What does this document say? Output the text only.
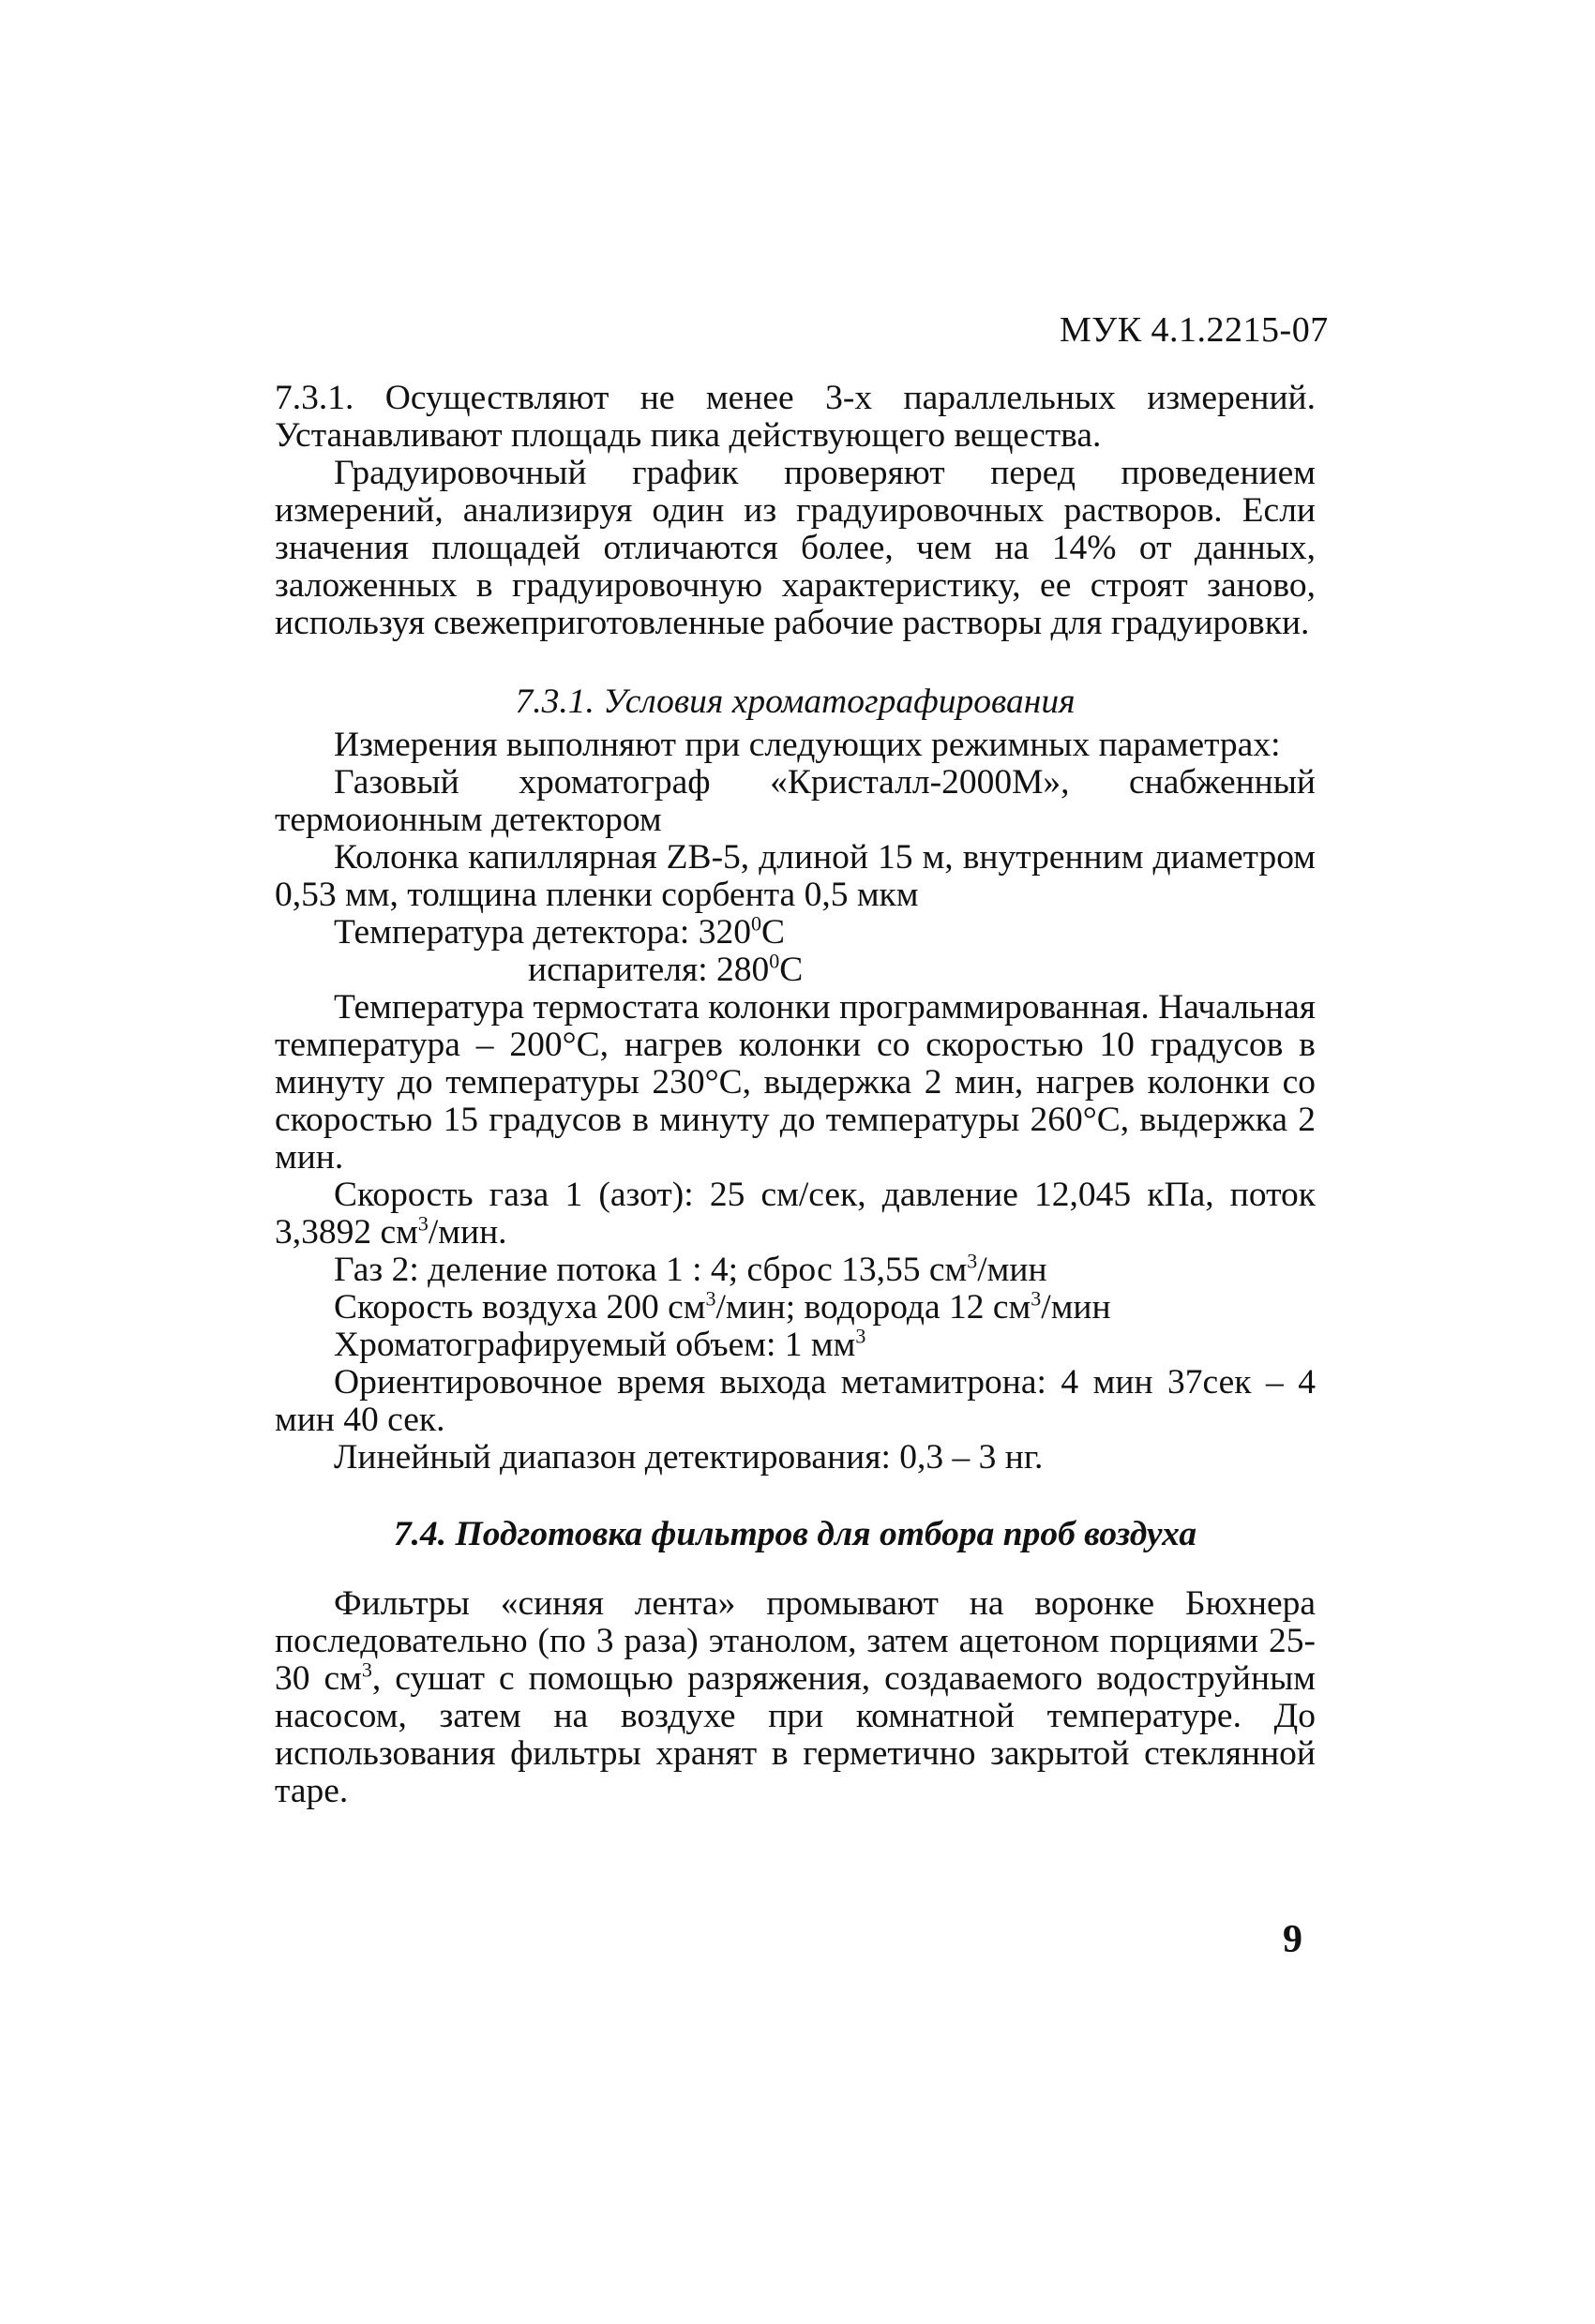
МУК 4.1.2215-07

7.3.1. Осуществляют не менее 3-х параллельных измерений. Устанавливают площадь пика действующего вещества.

Градуировочный график проверяют перед проведением измерений, анализируя один из градуировочных растворов. Если значения площадей отличаются более, чем на 14% от данных, заложенных в градуировочную характеристику, ее строят заново, используя свежеприготовленные рабочие растворы для градуировки.

7.3.1. Условия хроматографирования

Измерения выполняют при следующих режимных параметрах:

Газовый хроматограф «Кристалл-2000М», снабженный термоионным детектором

Колонка капиллярная ZB-5, длиной 15 м, внутренним диаметром 0,53 мм, толщина пленки сорбента 0,5 мкм

Температура детектора: $320^0С$

испарителя: $280^0С$

Температура термостата колонки программированная. Начальная температура – 200°С, нагрев колонки со скоростью 10 градусов в минуту до температуры 230°С, выдержка 2 мин, нагрев колонки со скоростью 15 градусов в минуту до температуры 260°С, выдержка 2 мин.

Скорость газа 1 (азот): 25 см/сек, давление 12,045 кПа, поток 3,3892 $см^3$/мин.

Газ 2: деление потока 1 : 4; сброс 13,55 $см^3$/мин

Скорость воздуха 200 $см^3$/мин; водорода 12 $см^3$/мин

Хроматографируемый объем: 1 $мм^3$

Ориентировочное время выхода метамитрона: 4 мин 37сек – 4 мин 40 сек.

Линейный диапазон детектирования: 0,3 – 3 нг.

7.4. Подготовка фильтров для отбора проб воздуха

Фильтры «синяя лента» промывают на воронке Бюхнера последовательно (по 3 раза) этанолом, затем ацетоном порциями 25-30 $см^3$, сушат с помощью разряжения, создаваемого водоструйным насосом, затем на воздухе при комнатной температуре. До использования фильтры хранят в герметично закрытой стеклянной таре.

9
